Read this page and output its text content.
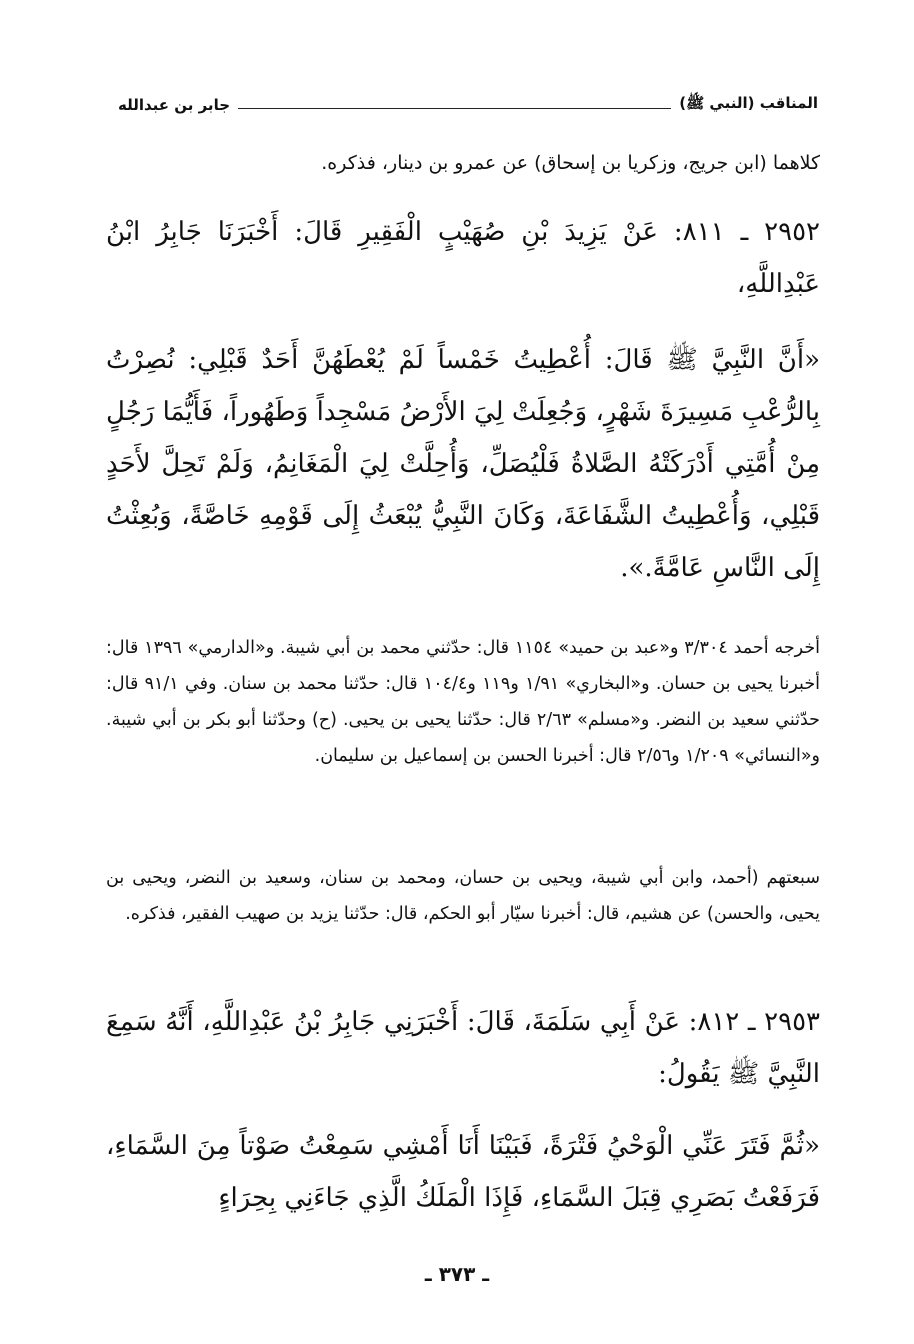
المناقب (النبي ﷺ)
جابر بن عبدالله
كلاهما (ابن جريج، وزكريا بن إسحاق) عن عمرو بن دينار، فذكره.
٢٩٥٢ ـ ٨١١: عَنْ يَزِيدَ بْنِ صُهَيْبٍ الْفَقِيرِ قَالَ: أَخْبَرَنَا جَابِرُ ابْنُ عَبْدِاللَّهِ،
«أَنَّ النَّبِيَّ ﷺ قَالَ: أُعْطِيتُ خَمْساً لَمْ يُعْطَهُنَّ أَحَدٌ قَبْلِي: نُصِرْتُ بِالرُّعْبِ مَسِيرَةَ شَهْرٍ، وَجُعِلَتْ لِيَ الأَرْضُ مَسْجِداً وَطَهُوراً، فَأَيُّمَا رَجُلٍ مِنْ أُمَّتِي أَدْرَكَتْهُ الصَّلاةُ فَلْيُصَلِّ، وَأُحِلَّتْ لِيَ الْمَغَانِمُ، وَلَمْ تَحِلَّ لأَحَدٍ قَبْلِي، وَأُعْطِيتُ الشَّفَاعَةَ، وَكَانَ النَّبِيُّ يُبْعَثُ إِلَى قَوْمِهِ خَاصَّةً، وَبُعِثْتُ إِلَى النَّاسِ عَامَّةً.».
أخرجه أحمد ٣/٣٠٤ و«عبد بن حميد» ١١٥٤ قال: حدّثني محمد بن أبي شيبة. و«الدارمي» ١٣٩٦ قال: أخبرنا يحيى بن حسان. و«البخاري» ١/٩١ و١١٩ و١٠٤/٤ قال: حدّثنا محمد بن سنان. وفي ٩١/١ قال: حدّثني سعيد بن النضر. و«مسلم» ٢/٦٣ قال: حدّثنا يحيى بن يحيى. (ح) وحدّثنا أبو بكر بن أبي شيبة. و«النسائي» ١/٢٠٩ و٢/٥٦ قال: أخبرنا الحسن بن إسماعيل بن سليمان.
سبعتهم (أحمد، وابن أبي شيبة، ويحيى بن حسان، ومحمد بن سنان، وسعيد بن النضر، ويحيى بن يحيى، والحسن) عن هشيم، قال: أخبرنا سيّار أبو الحكم، قال: حدّثنا يزيد بن صهيب الفقير، فذكره.
٢٩٥٣ ـ ٨١٢: عَنْ أَبِي سَلَمَةَ، قَالَ: أَخْبَرَنِي جَابِرُ بْنُ عَبْدِاللَّهِ، أَنَّهُ سَمِعَ النَّبِيَّ ﷺ يَقُولُ:
«ثُمَّ فَتَرَ عَنِّي الْوَحْيُ فَتْرَةً، فَبَيْنَا أَنَا أَمْشِي سَمِعْتُ صَوْتاً مِنَ السَّمَاءِ، فَرَفَعْتُ بَصَرِي قِبَلَ السَّمَاءِ، فَإِذَا الْمَلَكُ الَّذِي جَاءَنِي بِحِرَاءٍ
ـ ٣٧٣ ـ
